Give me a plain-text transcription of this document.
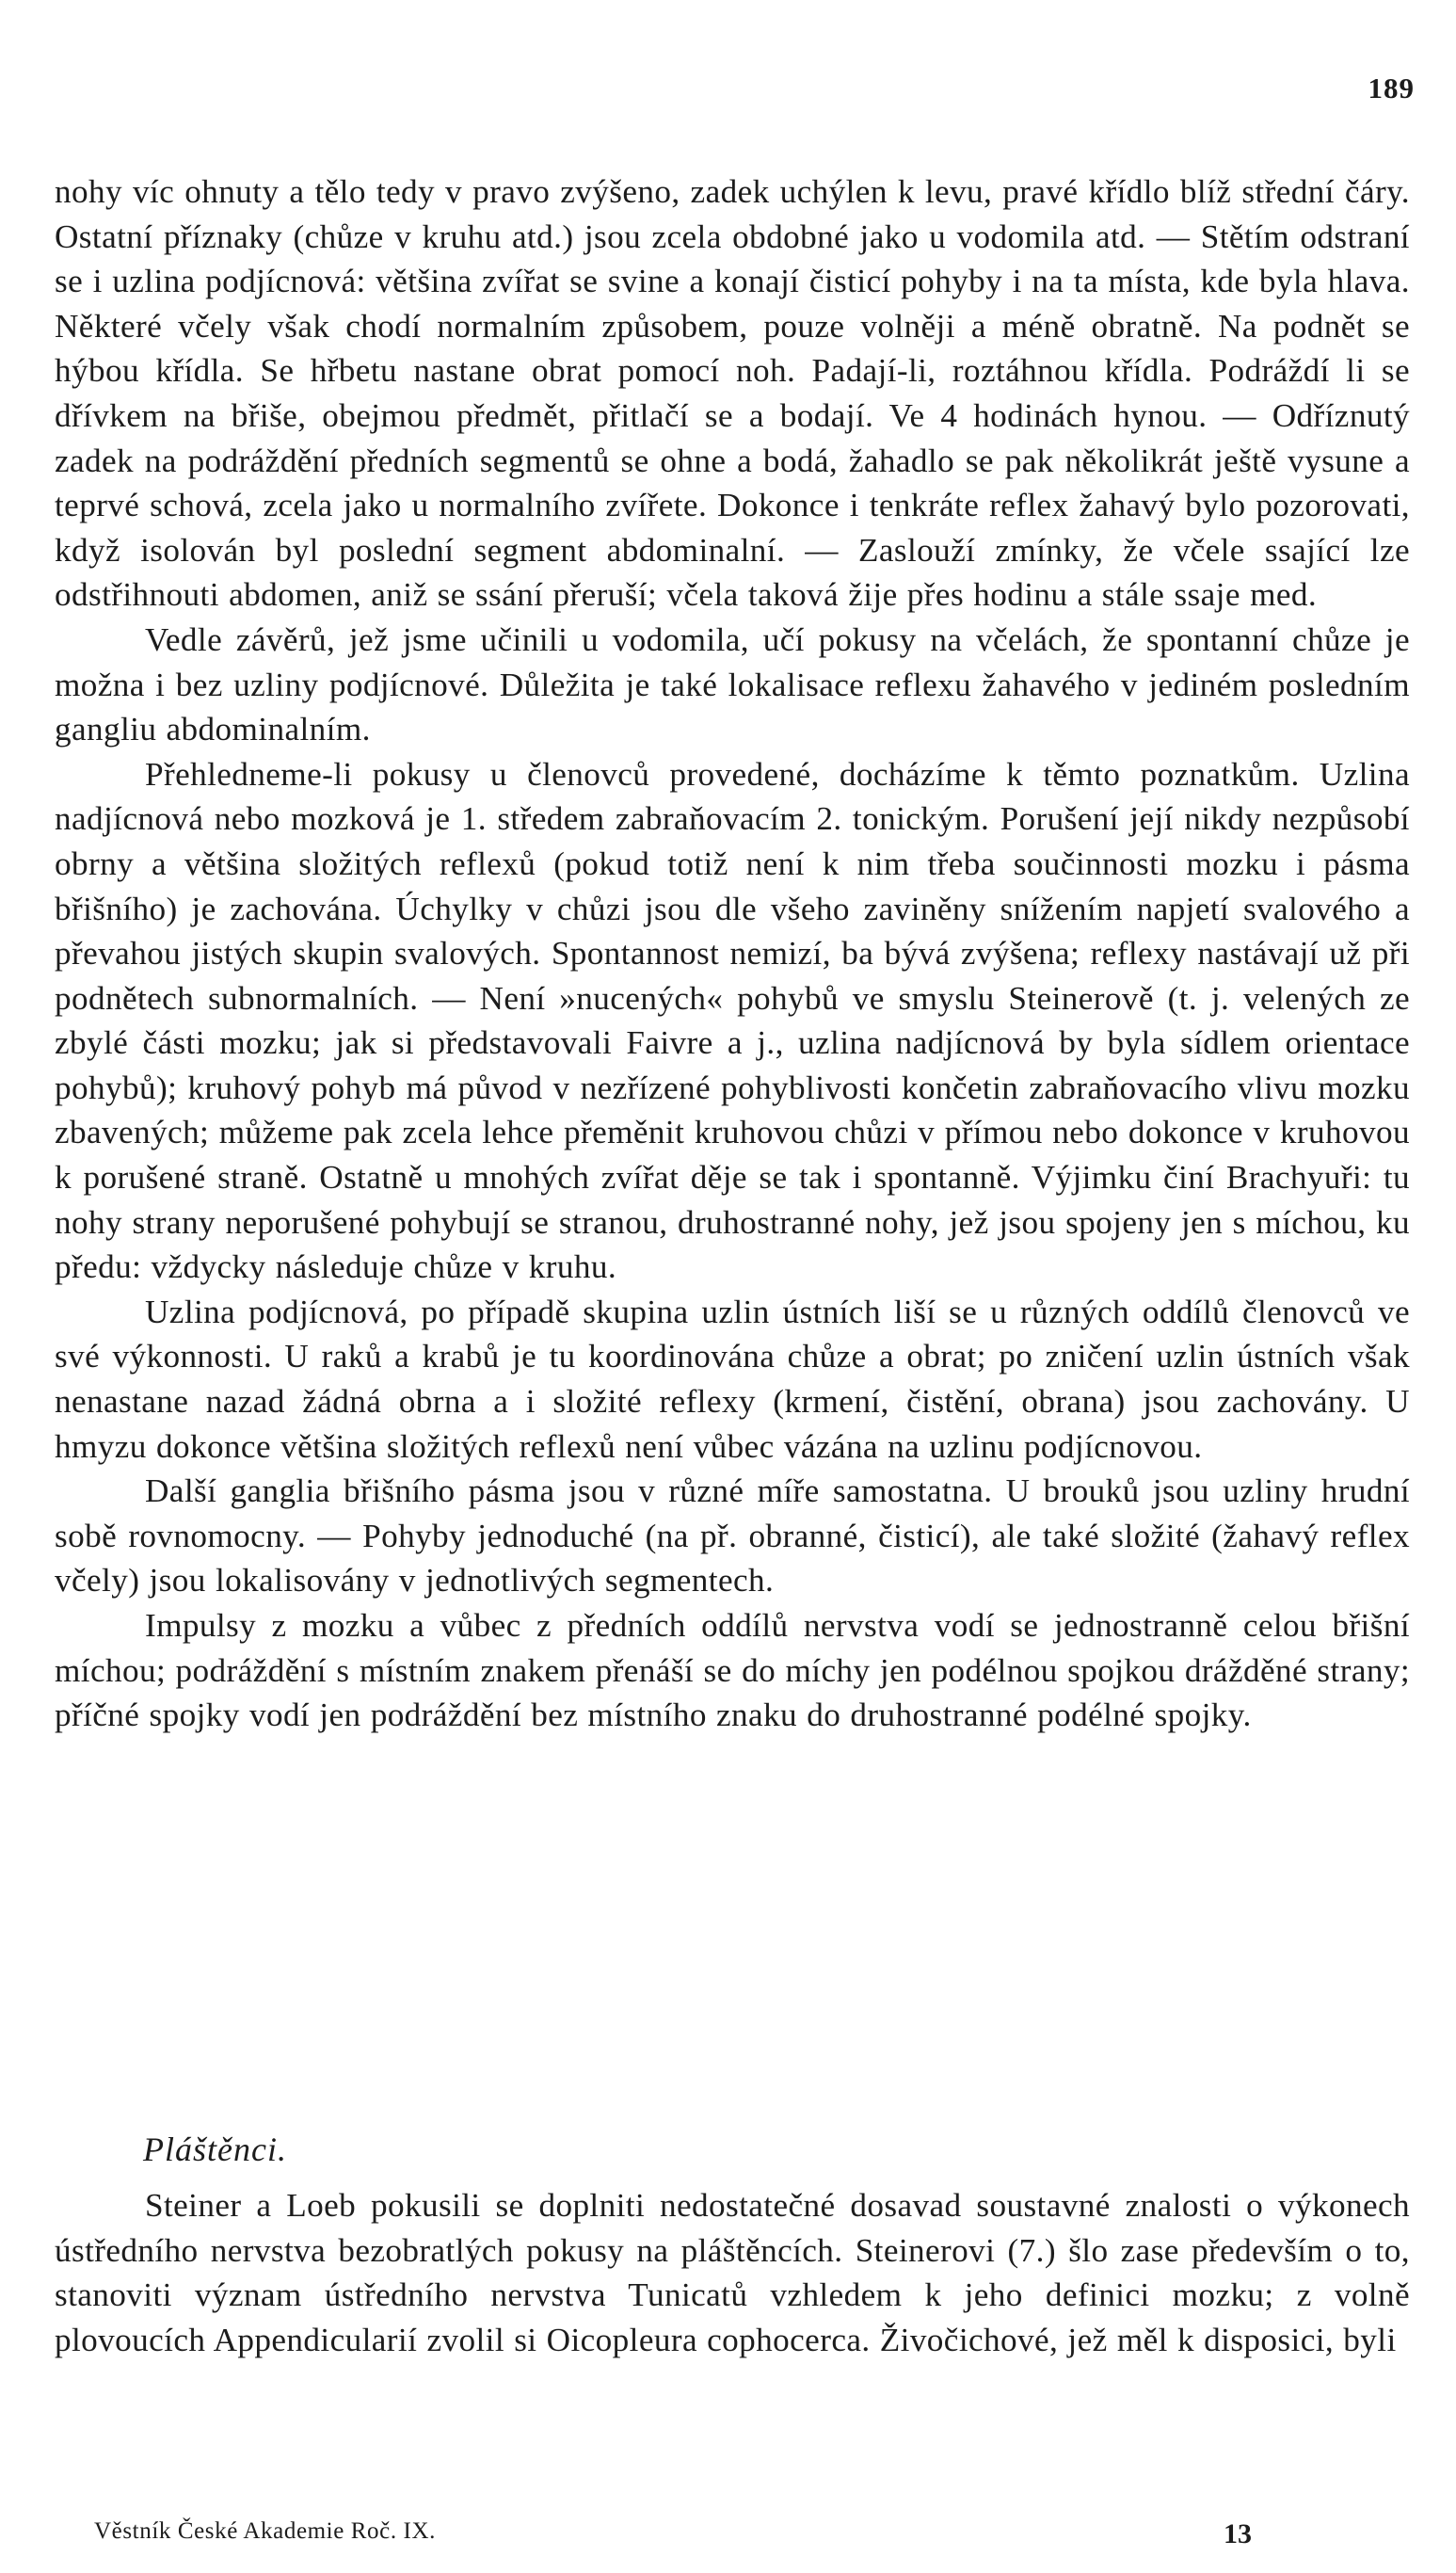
189

nohy víc ohnuty a tělo tedy v pravo zvýšeno, zadek uchýlen k levu, pravé křídlo blíž střední čáry. Ostatní příznaky (chůze v kruhu atd.) jsou zcela obdobné jako u vodomila atd. — Stětím odstraní se i uzlina podjícnová: většina zvířat se svine a konají čisticí pohyby i na ta místa, kde byla hlava. Některé včely však chodí normalním způsobem, pouze volněji a méně obratně. Na podnět se hýbou křídla. Se hřbetu nastane obrat pomocí noh. Padají-li, roztáhnou křídla. Podráždí li se dřívkem na břiše, obejmou předmět, přitlačí se a bodají. Ve 4 hodinách hynou. — Odříznutý zadek na podráždění předních segmentů se ohne a bodá, žahadlo se pak několikrát ještě vysune a teprvé schová, zcela jako u normalního zvířete. Dokonce i tenkráte reflex žahavý bylo pozorovati, když isolován byl poslední segment abdominalní. — Zaslouží zmínky, že včele ssající lze odstřihnouti abdomen, aniž se ssání přeruší; včela taková žije přes hodinu a stále ssaje med.

Vedle závěrů, jež jsme učinili u vodomila, učí pokusy na včelách, že spontanní chůze je možna i bez uzliny podjícnové. Důležita je také lokalisace reflexu žahavého v jediném posledním gangliu abdominalním.

Přehledneme-li pokusy u členovců provedené, docházíme k těmto poznatkům. Uzlina nadjícnová nebo mozková je 1. středem zabraňovacím 2. tonickým. Porušení její nikdy nezpůsobí obrny a většina složitých reflexů (pokud totiž není k nim třeba součinnosti mozku i pásma břišního) je zachována. Úchylky v chůzi jsou dle všeho zaviněny snížením napjetí svalového a převahou jistých skupin svalových. Spontannost nemizí, ba bývá zvýšena; reflexy nastávají už při podnětech subnormalních. — Není »nucených« pohybů ve smyslu Steinerově (t. j. velených ze zbylé části mozku; jak si představovali Faivre a j., uzlina nadjícnová by byla sídlem orientace pohybů); kruhový pohyb má původ v nezřízené pohyblivosti končetin zabraňovacího vlivu mozku zbavených; můžeme pak zcela lehce přeměnit kruhovou chůzi v přímou nebo dokonce v kruhovou k porušené straně. Ostatně u mnohých zvířat děje se tak i spontanně. Výjimku činí Brachyuři: tu nohy strany neporušené pohybují se stranou, druhostranné nohy, jež jsou spojeny jen s míchou, ku předu: vždycky následuje chůze v kruhu.

Uzlina podjícnová, po případě skupina uzlin ústních liší se u různých oddílů členovců ve své výkonnosti. U raků a krabů je tu koordinována chůze a obrat; po zničení uzlin ústních však nenastane nazad žádná obrna a i složité reflexy (krmení, čistění, obrana) jsou zachovány. U hmyzu dokonce většina složitých reflexů není vůbec vázána na uzlinu podjícnovou.

Další ganglia břišního pásma jsou v různé míře samostatna. U brouků jsou uzliny hrudní sobě rovnomocny. — Pohyby jednoduché (na př. obranné, čisticí), ale také složité (žahavý reflex včely) jsou lokalisovány v jednotlivých segmentech.

Impulsy z mozku a vůbec z předních oddílů nervstva vodí se jednostranně celou břišní míchou; podráždění s místním znakem přenáší se do míchy jen podélnou spojkou drážděné strany; příčné spojky vodí jen podráždění bez místního znaku do druhostranné podélné spojky.

Pláštěnci.

Steiner a Loeb pokusili se doplniti nedostatečné dosavad soustavné znalosti o výkonech ústředního nervstva bezobratlých pokusy na pláštěncích. Steinerovi (7.) šlo zase především o to, stanoviti význam ústředního nervstva Tunicatů vzhledem k jeho definici mozku; z volně plovoucích Appendicularií zvolil si Oicopleura cophocerca. Živočichové, jež měl k disposici, byli

Věstník České Akademie Roč. IX.	13
